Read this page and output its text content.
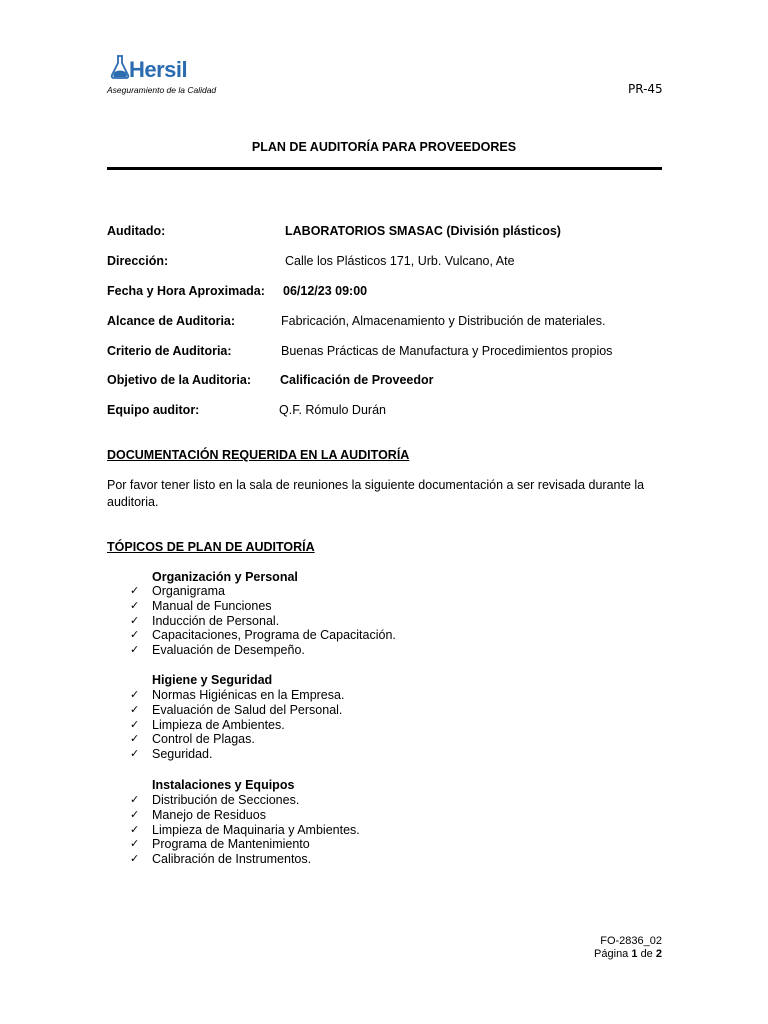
Hersil
Aseguramiento de la Calidad	PR-45
PLAN DE AUDITORÍA PARA PROVEEDORES
Auditado:	LABORATORIOS SMASAC (División plásticos)
Dirección:	Calle los Plásticos 171, Urb. Vulcano, Ate
Fecha y Hora Aproximada: 06/12/23 09:00
Alcance de Auditoria:	Fabricación, Almacenamiento y Distribución de materiales.
Criterio de Auditoria:	Buenas Prácticas de Manufactura y Procedimientos propios
Objetivo de la Auditoria: Calificación de Proveedor
Equipo auditor:	Q.F. Rómulo Durán
DOCUMENTACIÓN REQUERIDA EN LA AUDITORÍA
Por favor tener listo en la sala de reuniones la siguiente documentación a ser revisada durante la auditoria.
TÓPICOS DE PLAN DE AUDITORÍA
Organización y Personal
✓ Organigrama
✓ Manual de Funciones
✓ Inducción de Personal.
✓ Capacitaciones, Programa de Capacitación.
✓ Evaluación de Desempeño.
Higiene y Seguridad
✓ Normas Higiénicas en la Empresa.
✓ Evaluación de Salud del Personal.
✓ Limpieza de Ambientes.
✓ Control de Plagas.
✓ Seguridad.
Instalaciones y Equipos
✓ Distribución de Secciones.
✓ Manejo de Residuos
✓ Limpieza de Maquinaria y Ambientes.
✓ Programa de Mantenimiento
✓ Calibración de Instrumentos.
FO-2836_02
Página 1 de 2
